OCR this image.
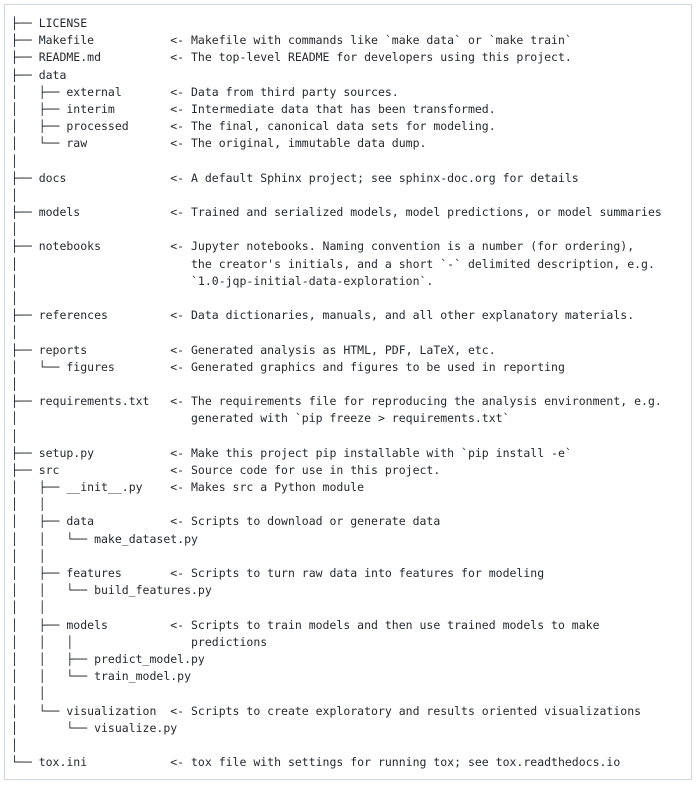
├── LICENSE
├── Makefile           <- Makefile with commands like `make data` or `make train`
├── README.md          <- The top-level README for developers using this project.
├── data
│   ├── external       <- Data from third party sources.
│   ├── interim        <- Intermediate data that has been transformed.
│   ├── processed      <- The final, canonical data sets for modeling.
│   └── raw            <- The original, immutable data dump.
│
├── docs               <- A default Sphinx project; see sphinx-doc.org for details
│
├── models             <- Trained and serialized models, model predictions, or model summaries
│
├── notebooks          <- Jupyter notebooks. Naming convention is a number (for ordering),
│                         the creator's initials, and a short `-` delimited description, e.g.
│                         `1.0-jqp-initial-data-exploration`.
│
├── references         <- Data dictionaries, manuals, and all other explanatory materials.
│
├── reports            <- Generated analysis as HTML, PDF, LaTeX, etc.
│   └── figures        <- Generated graphics and figures to be used in reporting
│
├── requirements.txt   <- The requirements file for reproducing the analysis environment, e.g.
│                         generated with `pip freeze > requirements.txt`
│
├── setup.py           <- Make this project pip installable with `pip install -e`
├── src                <- Source code for use in this project.
│   ├── __init__.py    <- Makes src a Python module
│   │
│   ├── data           <- Scripts to download or generate data
│   │   └── make_dataset.py
│   │
│   ├── features       <- Scripts to turn raw data into features for modeling
│   │   └── build_features.py
│   │
│   ├── models         <- Scripts to train models and then use trained models to make
│   │   │                 predictions
│   │   ├── predict_model.py
│   │   └── train_model.py
│   │
│   └── visualization  <- Scripts to create exploratory and results oriented visualizations
│       └── visualize.py
│
└── tox.ini            <- tox file with settings for running tox; see tox.readthedocs.io
